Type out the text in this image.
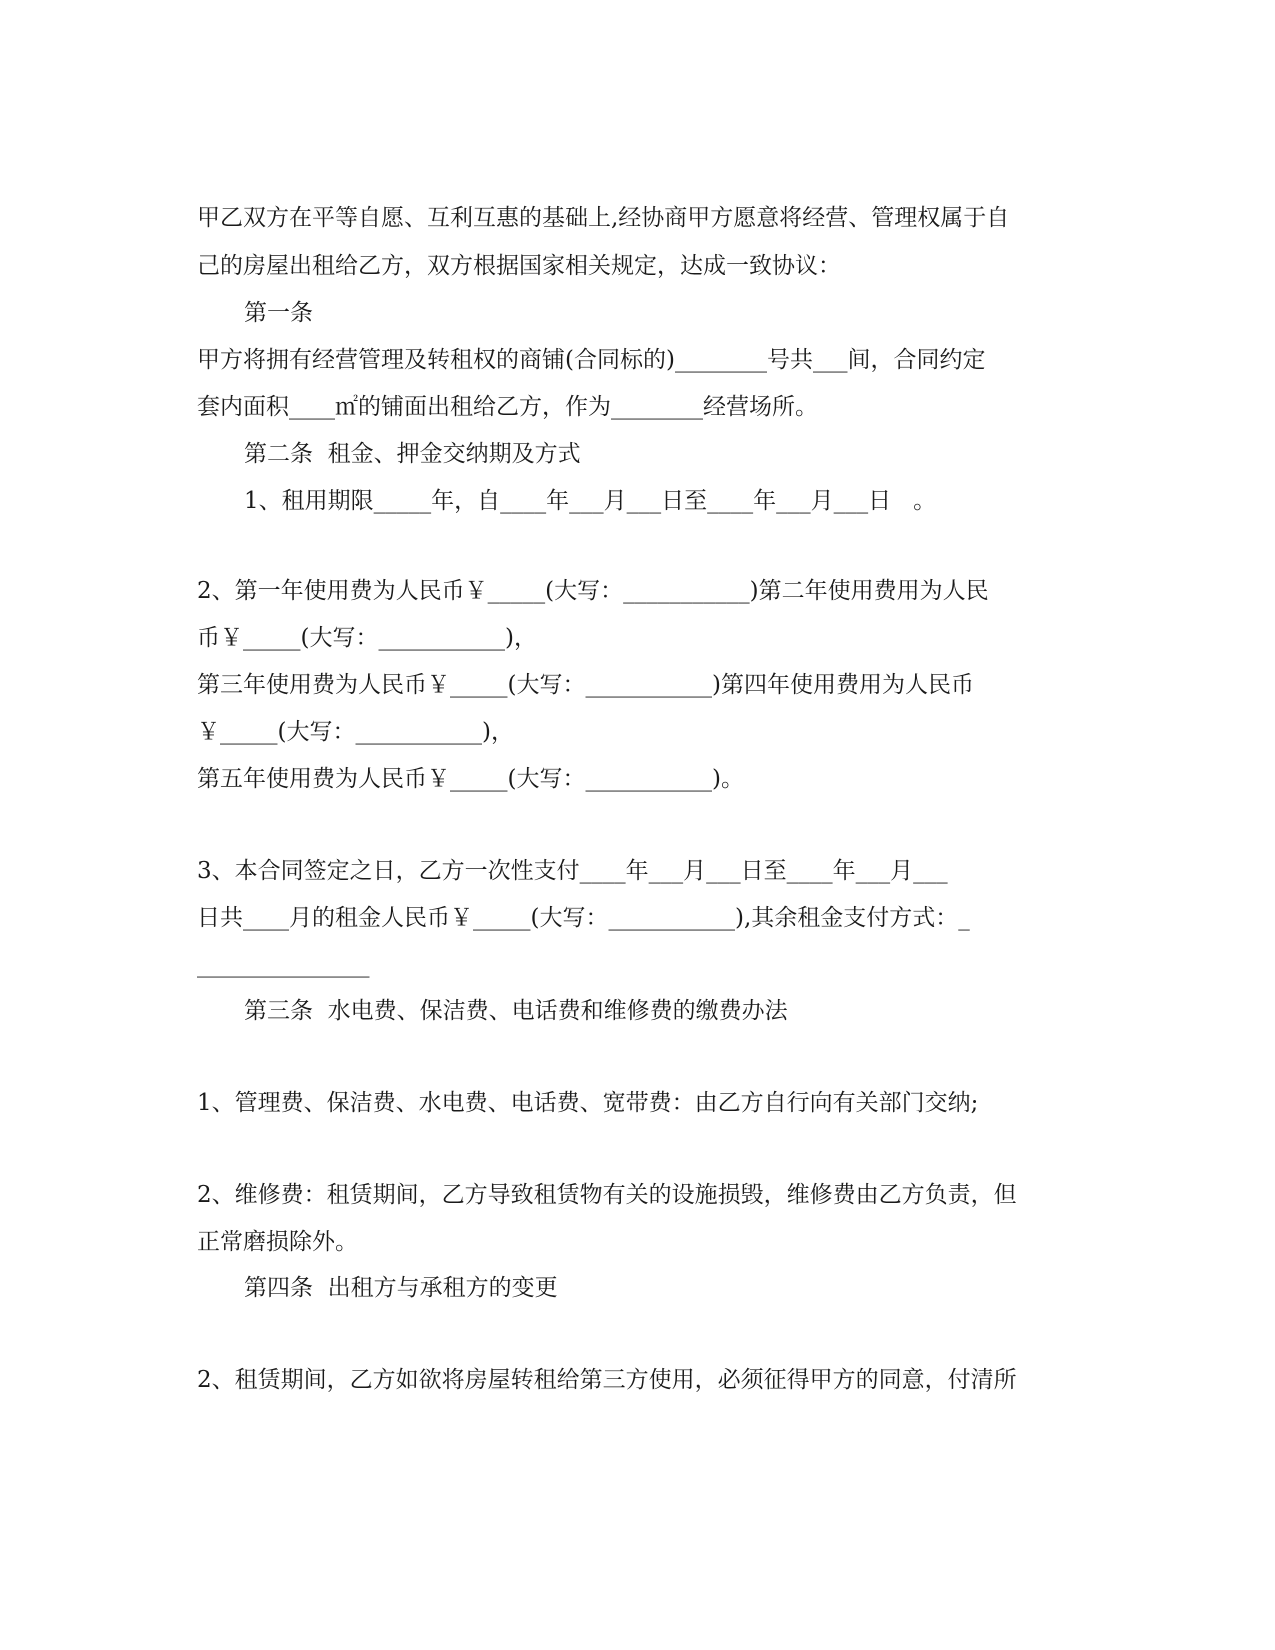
甲乙双方在平等自愿、互利互惠的基础上,经协商甲方愿意将经营、管理权属于自
己的房屋出租给乙方，双方根据国家相关规定，达成一致协议：
第一条
甲方将拥有经营管理及转租权的商铺(合同标的)________号共___间，合同约定
套内面积____㎡的铺面出租给乙方，作为________经营场所。
第二条  租金、押金交纳期及方式
1、租用期限_____年，自____年___月___日至____年___月___日   。
2、第一年使用费为人民币￥_____(大写：___________)第二年使用费用为人民
币￥_____(大写：___________)，
第三年使用费为人民币￥_____(大写：___________)第四年使用费用为人民币
￥_____(大写：___________)，
第五年使用费为人民币￥_____(大写：___________)。
3、本合同签定之日，乙方一次性支付____年___月___日至____年___月___
日共____月的租金人民币￥_____(大写：___________),其余租金支付方式：_
_______________
第三条  水电费、保洁费、电话费和维修费的缴费办法
1、管理费、保洁费、水电费、电话费、宽带费：由乙方自行向有关部门交纳;
2、维修费：租赁期间，乙方导致租赁物有关的设施损毁，维修费由乙方负责，但
正常磨损除外。
第四条  出租方与承租方的变更
2、租赁期间，乙方如欲将房屋转租给第三方使用，必须征得甲方的同意，付清所
